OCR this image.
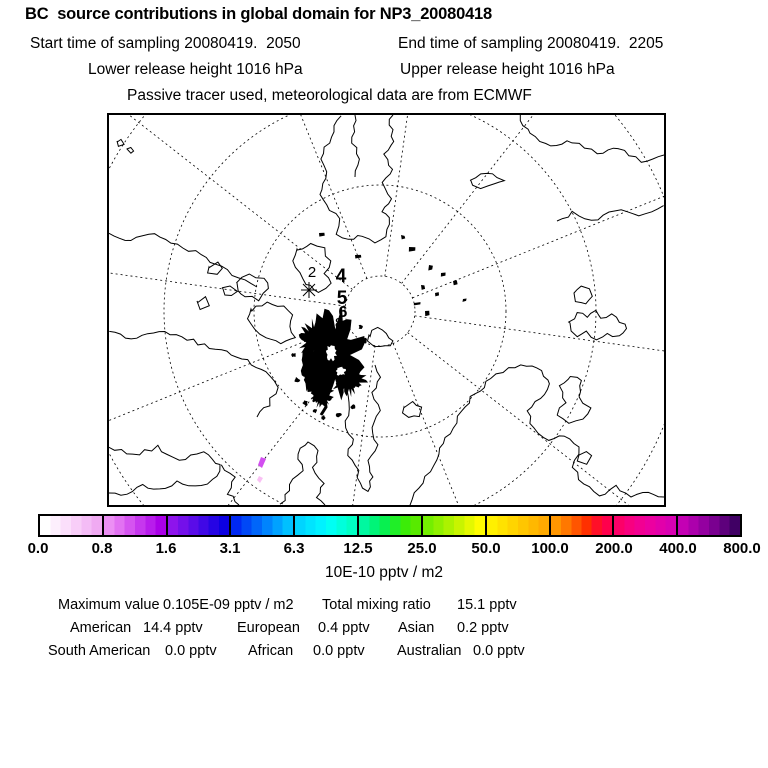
BC  source contributions in global domain for NP3_20080418
Start time of sampling 20080419.  2050	End time of sampling 20080419.  2205
Lower release height 1016 hPa	Upper release height 1016 hPa
Passive tracer used, meteorological data are from ECMWF
2 4
5
6
8
0.0	0.8	1.6	3.1	6.3	12.5 25.0 50.0 100.0 200.0 400.0 800.0
10E-10 pptv / m2
Maximum value 0.105E-09 pptv / m2 Total mixing ratio 15.1 pptv
American 14.4 pptv European 0.4 pptv Asian 0.2 pptv
South American 0.0 pptv African 0.0 pptv Australian 0.0 pptv
